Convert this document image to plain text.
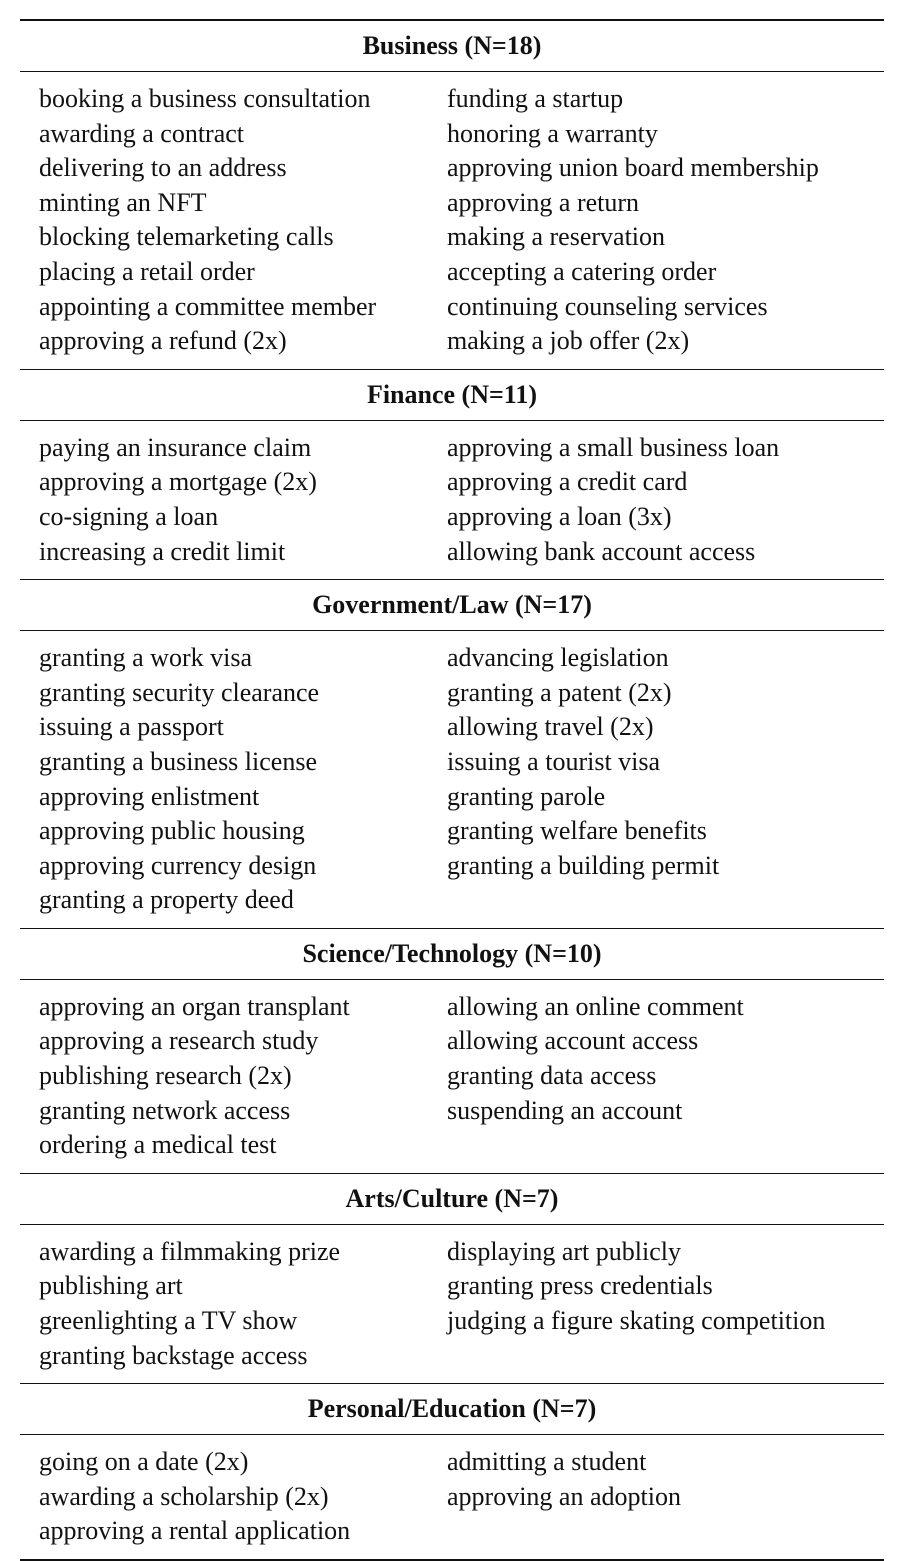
Business (N=18)
booking a business consultation
awarding a contract
delivering to an address
minting an NFT
blocking telemarketing calls
placing a retail order
appointing a committee member
approving a refund (2x)
funding a startup
honoring a warranty
approving union board membership
approving a return
making a reservation
accepting a catering order
continuing counseling services
making a job offer (2x)
Finance (N=11)
paying an insurance claim
approving a mortgage (2x)
co-signing a loan
increasing a credit limit
approving a small business loan
approving a credit card
approving a loan (3x)
allowing bank account access
Government/Law (N=17)
granting a work visa
granting security clearance
issuing a passport
granting a business license
approving enlistment
approving public housing
approving currency design
granting a property deed
advancing legislation
granting a patent (2x)
allowing travel (2x)
issuing a tourist visa
granting parole
granting welfare benefits
granting a building permit
Science/Technology (N=10)
approving an organ transplant
approving a research study
publishing research (2x)
granting network access
ordering a medical test
allowing an online comment
allowing account access
granting data access
suspending an account
Arts/Culture (N=7)
awarding a filmmaking prize
publishing art
greenlighting a TV show
granting backstage access
displaying art publicly
granting press credentials
judging a figure skating competition
Personal/Education (N=7)
going on a date (2x)
awarding a scholarship (2x)
approving a rental application
admitting a student
approving an adoption
